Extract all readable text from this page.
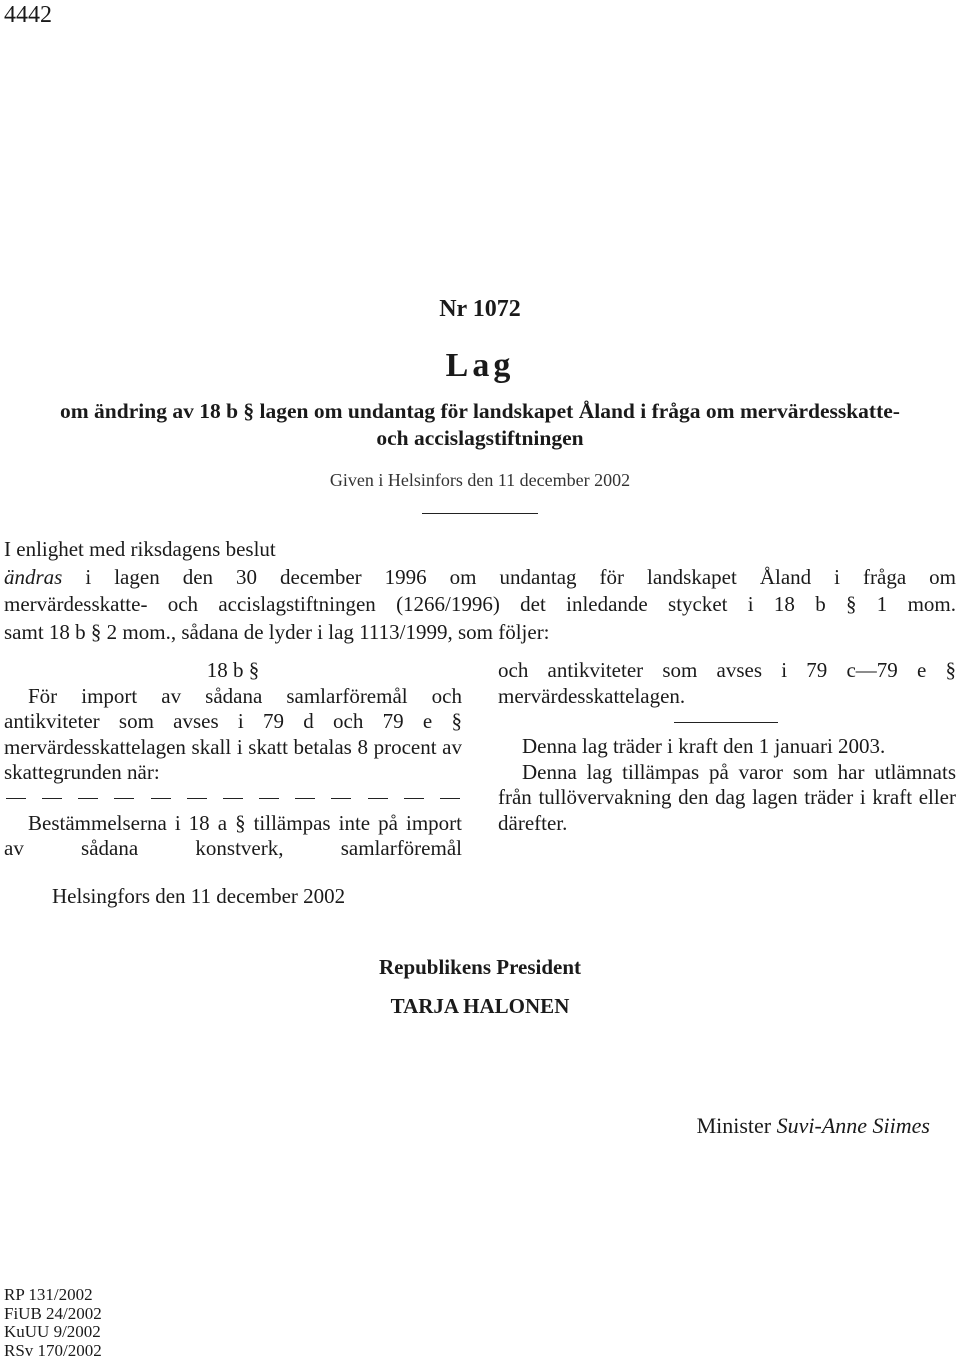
4442
Nr 1072
Lag
om ändring av 18 b § lagen om undantag för landskapet Åland i fråga om mervärdesskatte-
och accislagstiftningen
Given i Helsinfors den 11 december 2002
I enlighet med riksdagens beslut
ändras i lagen den 30 december 1996 om undantag för landskapet Åland i fråga om
mervärdesskatte- och accislagstiftningen (1266/1996) det inledande stycket i 18 b § 1 mom.
samt 18 b § 2 mom., sådana de lyder i lag 1113/1999, som följer:
18 b §
För import av sådana samlarföremål och antikviteter som avses i 79 d och 79 e § mervärdesskattelagen skall i skatt betalas 8 procent av skattegrunden när:
Bestämmelserna i 18 a § tillämpas inte på import av sådana konstverk, samlarföremål
och antikviteter som avses i 79 c—79 e § mervärdesskattelagen.
Denna lag träder i kraft den 1 januari 2003.
Denna lag tillämpas på varor som har utlämnats från tullövervakning den dag lagen träder i kraft eller därefter.
Helsingfors den 11 december 2002
Republikens President
TARJA HALONEN
Minister Suvi-Anne Siimes
RP 131/2002
FiUB 24/2002
KuUU 9/2002
RSv 170/2002
